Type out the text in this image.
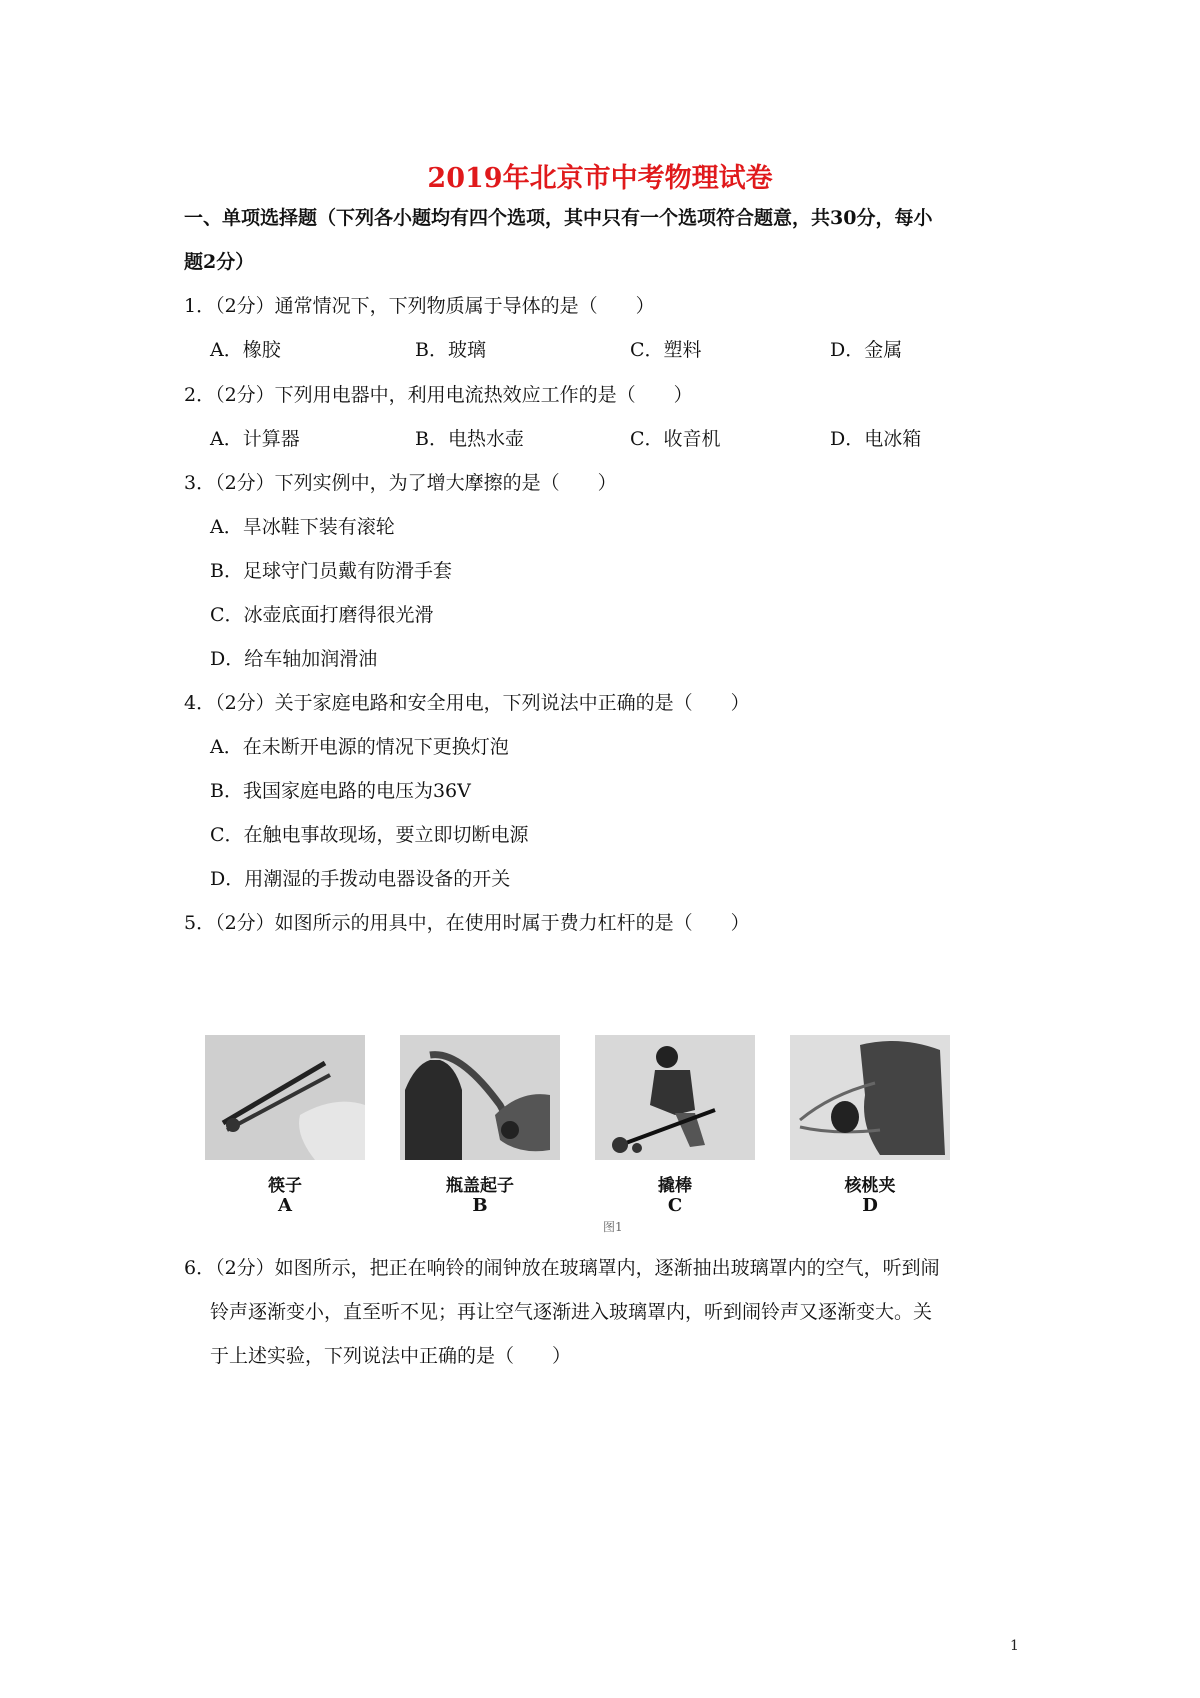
2019年北京市中考物理试卷
一、单项选择题（下列各小题均有四个选项，其中只有一个选项符合题意，共30分，每小
题2分）
1．（2分）通常情况下，下列物质属于导体的是（　　）
A．橡胶	B．玻璃	C．塑料	D．金属
2．（2分）下列用电器中，利用电流热效应工作的是（　　）
A．计算器	B．电热水壶	C．收音机	D．电冰箱
3．（2分）下列实例中，为了增大摩擦的是（　　）
A．旱冰鞋下装有滚轮
B．足球守门员戴有防滑手套
C．冰壶底面打磨得很光滑
D．给车轴加润滑油
4．（2分）关于家庭电路和安全用电，下列说法中正确的是（　　）
A．在未断开电源的情况下更换灯泡
B．我国家庭电路的电压为36V
C．在触电事故现场，要立即切断电源
D．用潮湿的手拨动电器设备的开关
5．（2分）如图所示的用具中，在使用时属于费力杠杆的是（　　）
筷子
A
瓶盖起子
B
撬棒
C
核桃夹
D
图1
6．（2分）如图所示，把正在响铃的闹钟放在玻璃罩内，逐渐抽出玻璃罩内的空气，听到闹
铃声逐渐变小，直至听不见；再让空气逐渐进入玻璃罩内，听到闹铃声又逐渐变大。关
于上述实验，下列说法中正确的是（　　）
1
